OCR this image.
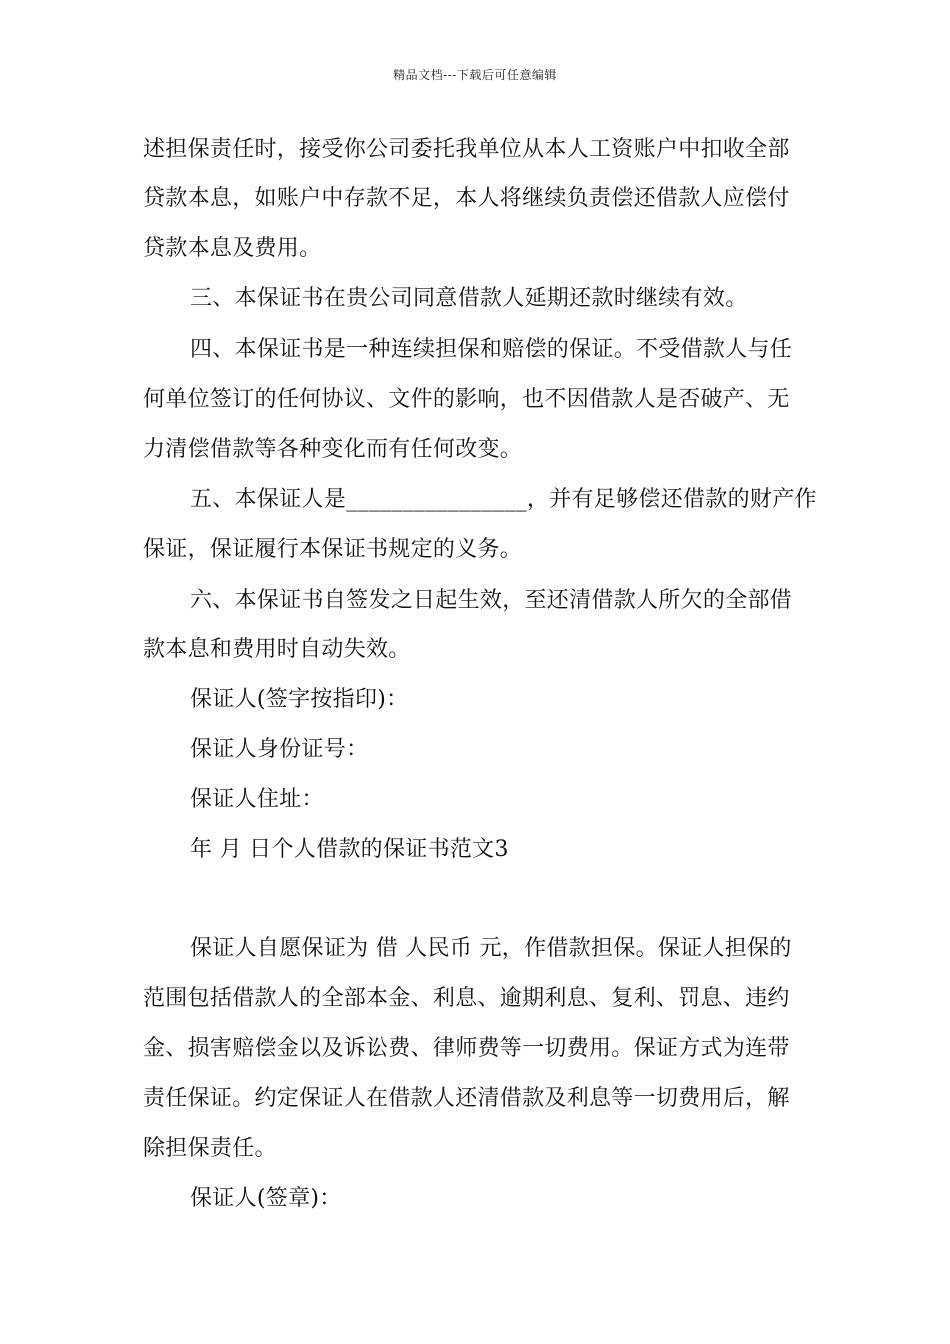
精品文档---下载后可任意编辑
述担保责任时，接受你公司委托我单位从本人工资账户中扣收全部
贷款本息，如账户中存款不足，本人将继续负责偿还借款人应偿付
贷款本息及费用。
三、本保证书在贵公司同意借款人延期还款时继续有效。
四、本保证书是一种连续担保和赔偿的保证。不受借款人与任
何单位签订的任何协议、文件的影响，也不因借款人是否破产、无
力清偿借款等各种变化而有任何改变。
五、本保证人是________________，并有足够偿还借款的财产作
保证，保证履行本保证书规定的义务。
六、本保证书自签发之日起生效，至还清借款人所欠的全部借
款本息和费用时自动失效。
保证人(签字按指印)：
保证人身份证号：
保证人住址：
年 月 日个人借款的保证书范文3
保证人自愿保证为 借 人民币 元，作借款担保。保证人担保的
范围包括借款人的全部本金、利息、逾期利息、复利、罚息、违约
金、损害赔偿金以及诉讼费、律师费等一切费用。保证方式为连带
责任保证。约定保证人在借款人还清借款及利息等一切费用后，解
除担保责任。
保证人(签章)：
